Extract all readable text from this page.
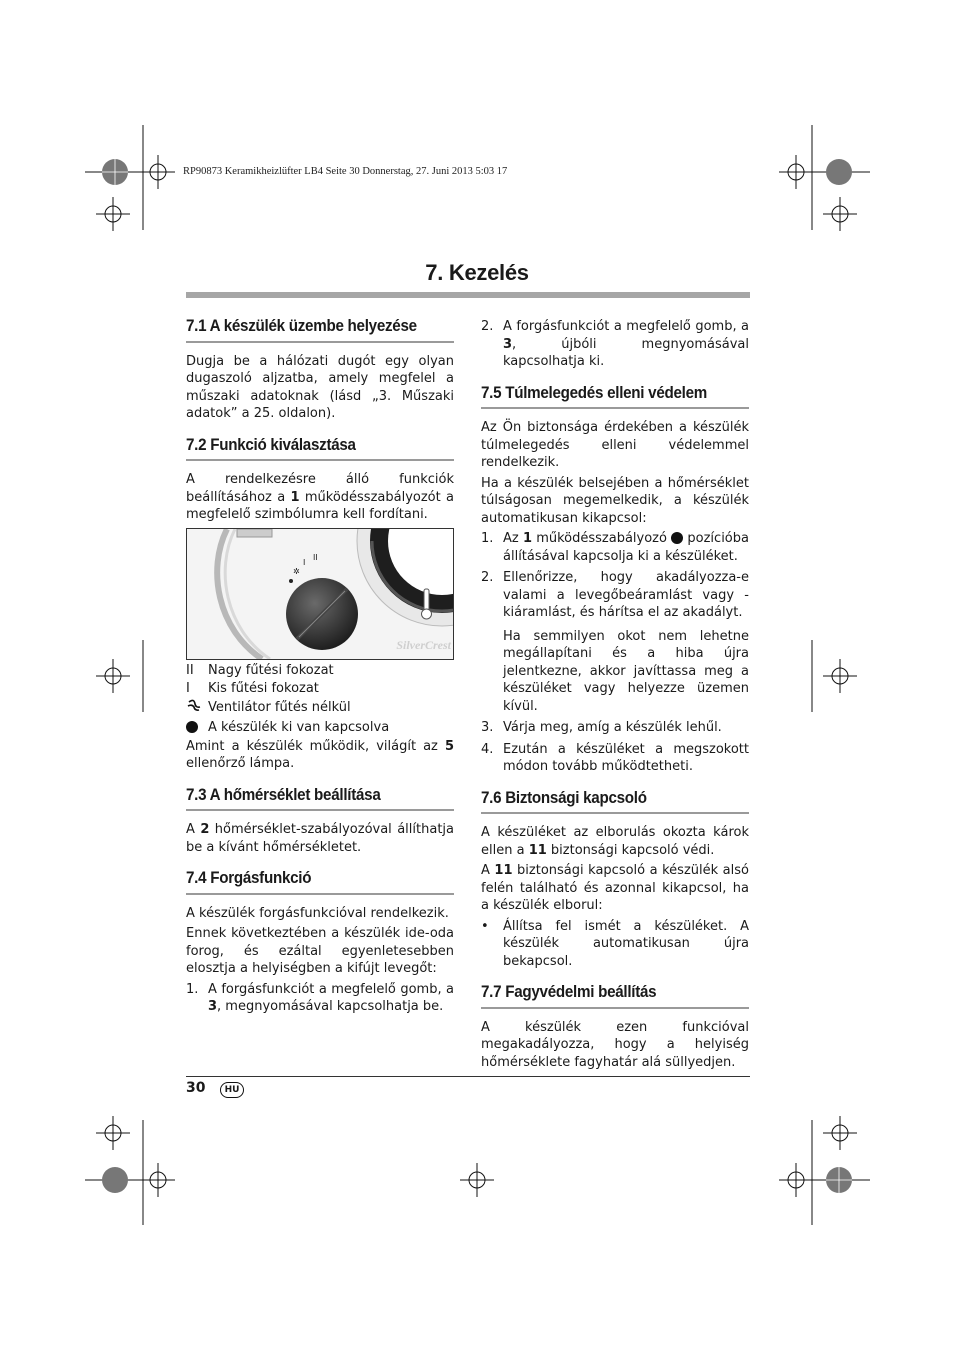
RP90873 Keramikheizlüfter LB4 Seite 30 Donnerstag, 27. Juni 2013 5:03 17
7. Kezelés
7.1 A készülék üzembe helyezése

Dugja be a hálózati dugót egy olyan dugaszoló aljzatba, amely megfelel a műszaki adatoknak (lásd „3. Műszaki adatok” a 25. oldalon).

7.2 Funkció kiválasztása

A rendelkezésre álló funkciók beállításához a 1 működésszabályozót a megfelelő szimbólumra kell fordítani.

✲
I
II	❄
SilverCrest
II	Nagy fűtési fokozat
I	Kis fűtési fokozat
Ventilátor fűtés nélkül
A készülék ki van kapcsolva

Amint a készülék működik, világít az 5 ellenőrző lámpa.

7.3 A hőmérséklet beállítása

A 2 hőmérséklet-szabályozóval állíthatja be a kívánt hőmérsékletet.

7.4 Forgásfunkció

A készülék forgásfunkcióval rendelkezik.

Ennek következtében a készülék ide-oda forog, és ezáltal egyenletesebben elosztja a helyiségben a kifújt levegőt:

1. A forgásfunkciót a megfelelő gomb, a 3, megnyomásával kapcsolhatja be.
2. A forgásfunkciót a megfelelő gomb, a 3, újbóli megnyomásával kapcsolhatja ki.
7.5 Túlmelegedés elleni védelem

Az Ön biztonsága érdekében a készülék túlmelegedés elleni védelemmel rendelkezik.

Ha a készülék belsejében a hőmérséklet túlságosan megemelkedik, a készülék automatikusan kikapcsol:

1. Az 1 működésszabályozó  pozícióba állításával kapcsolja ki a készüléket.
2. Ellenőrizze, hogy akadályozza-e valami a levegőbeáramlást vagy -kiáramlást, és hárítsa el az akadályt.

Ha semmilyen okot nem lehetne megállapítani és a hiba újra jelentkezne, akkor javíttassa meg a készüléket vagy helyezze üzemen kívül.
3. Várja meg, amíg a készülék lehűl.
4. Ezután a készüléket a megszokott módon tovább működtetheti.
7.6 Biztonsági kapcsoló

A készüléket az elborulás okozta károk ellen a 11 biztonsági kapcsoló védi.

A 11 biztonsági kapcsoló a készülék alsó felén található és azonnal kikapcsol, ha a készülék elborul:

•	Állítsa fel ismét a készüléket. A készülék automatikusan újra bekapcsol.
7.7 Fagyvédelmi beállítás

A készülék ezen funkcióval megakadályozza, hogy a helyiség hőmérséklete fagyhatár alá süllyedjen.

30	HU
